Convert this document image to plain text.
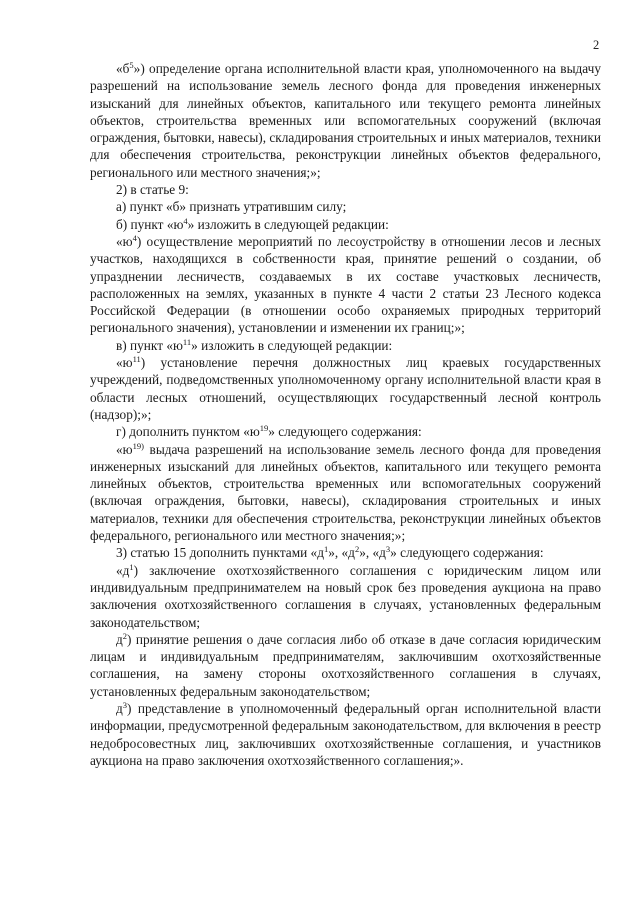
2

«$б^5$») определение органа исполнительной власти края, уполномоченного на выдачу разрешений на использование земель лесного фонда для проведения инженерных изысканий для линейных объектов, капитального или текущего ремонта линейных объектов, строительства временных или вспомогательных сооружений (включая ограждения, бытовки, навесы), складирования строительных и иных материалов, техники для обеспечения строительства, реконструкции линейных объектов федерального, регионального или местного значения;»;

2) в статье 9:

а) пункт «б» признать утратившим силу;

б) пункт «$ю^4$» изложить в следующей редакции:

«$ю^4$) осуществление мероприятий по лесоустройству в отношении лесов и лесных участков, находящихся в собственности края, принятие решений о создании, об упразднении лесничеств, создаваемых в их составе участковых лесничеств, расположенных на землях, указанных в пункте 4 части 2 статьи 23 Лесного кодекса Российской Федерации (в отношении особо охраняемых природных территорий регионального значения), установлении и изменении их границ;»;

в) пункт «$ю^{11}$» изложить в следующей редакции:

«$ю^{11}$) установление перечня должностных лиц краевых государственных учреждений, подведомственных уполномоченному органу исполнительной власти края в области лесных отношений, осуществляющих государственный лесной контроль (надзор);»;

г) дополнить пунктом «$ю^{19}$» следующего содержания:

«$ю^{19)}$ выдача разрешений на использование земель лесного фонда для проведения инженерных изысканий для линейных объектов, капитального или текущего ремонта линейных объектов, строительства временных или вспомогательных сооружений (включая ограждения, бытовки, навесы), складирования строительных и иных материалов, техники для обеспечения строительства, реконструкции линейных объектов федерального, регионального или местного значения;»;

3) статью 15 дополнить пунктами «$д^1$», «$д^2$», «$д^3$» следующего содержания:

«$д^1$) заключение охотхозяйственного соглашения с юридическим лицом или индивидуальным предпринимателем на новый срок без проведения аукциона на право заключения охотхозяйственного соглашения в случаях, установленных федеральным законодательством;

$д^2$) принятие решения о даче согласия либо об отказе в даче согласия юридическим лицам и индивидуальным предпринимателям, заключившим охотхозяйственные соглашения, на замену стороны охотхозяйственного соглашения в случаях, установленных федеральным законодательством;

$д^3$) представление в уполномоченный федеральный орган исполнительной власти информации, предусмотренной федеральным законодательством, для включения в реестр недобросовестных лиц, заключивших охотхозяйственные соглашения, и участников аукциона на право заключения охотхозяйственного соглашения;».
